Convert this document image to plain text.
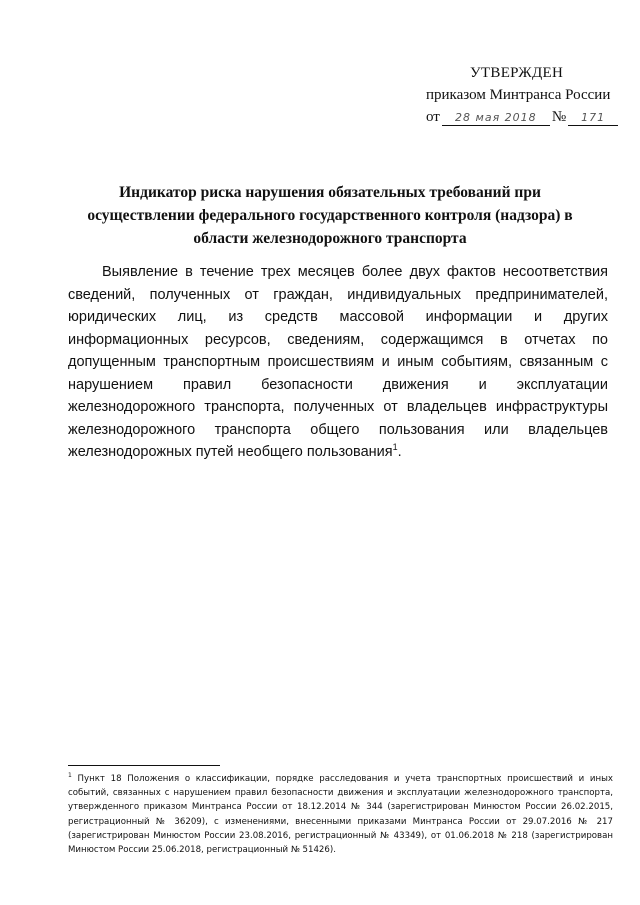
УТВЕРЖДЕН
приказом Минтранса России
от	28 мая 2018	№	171
Индикатор риска нарушения обязательных требований при осуществлении федерального государственного контроля (надзора) в области железнодорожного транспорта

Выявление в течение трех месяцев более двух фактов несоответствия сведений, полученных от граждан, индивидуальных предпринимателей, юридических лиц, из средств массовой информации и других информационных ресурсов, сведениям, содержащимся в отчетах по допущенным транспортным происшествиям и иным событиям, связанным с нарушением правил безопасности движения и эксплуатации железнодорожного транспорта, полученных от владельцев инфраструктуры железнодорожного транспорта общего пользования или владельцев железнодорожных путей необщего пользования$^1$.

$^1$ Пункт 18 Положения о классификации, порядке расследования и учета транспортных происшествий и иных событий, связанных с нарушением правил безопасности движения и эксплуатации железнодорожного транспорта, утвержденного приказом Минтранса России от 18.12.2014 № 344 (зарегистрирован Минюстом России 26.02.2015, регистрационный № 36209), с изменениями, внесенными приказами Минтранса России от 29.07.2016 № 217 (зарегистрирован Минюстом России 23.08.2016, регистрационный № 43349), от 01.06.2018 № 218 (зарегистрирован Минюстом России 25.06.2018, регистрационный № 51426).
